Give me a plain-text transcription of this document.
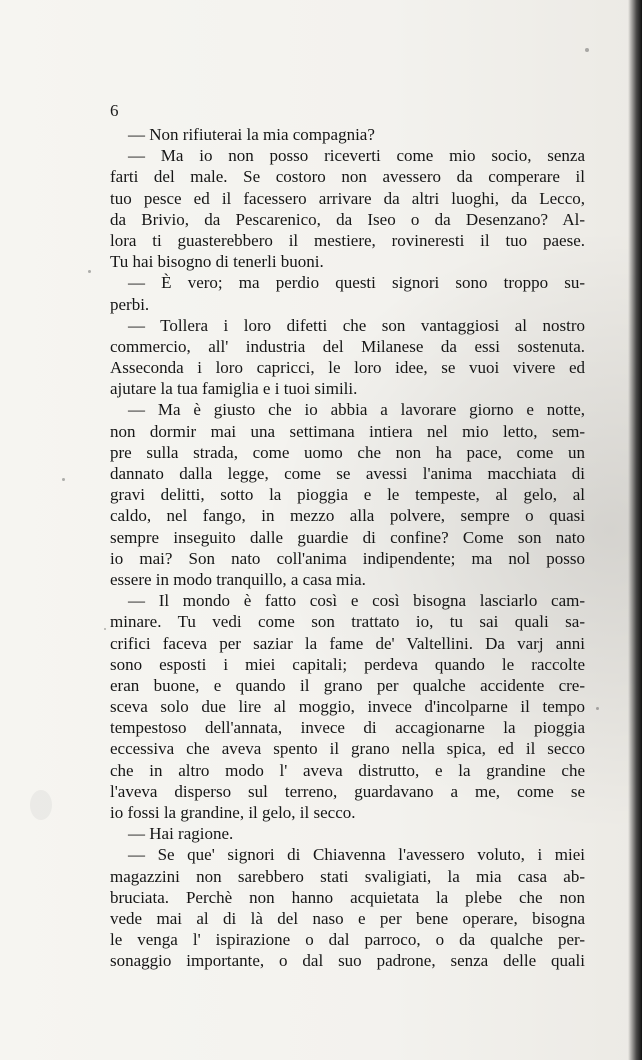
6
— Non rifiuterai la mia compagnia?
— Ma io non posso riceverti come mio socio, senza
farti del male. Se costoro non avessero da comperare il
tuo pesce ed il facessero arrivare da altri luoghi, da Lecco,
da Brivio, da Pescarenico, da Iseo o da Desenzano? Al-
lora ti guasterebbero il mestiere, rovineresti il tuo paese.
Tu hai bisogno di tenerli buoni.
— È vero; ma perdio questi signori sono troppo su-
perbi.
— Tollera i loro difetti che son vantaggiosi al nostro
commercio, all' industria del Milanese da essi sostenuta.
Asseconda i loro capricci, le loro idee, se vuoi vivere ed
ajutare la tua famiglia e i tuoi simili.
— Ma è giusto che io abbia a lavorare giorno e notte,
non dormir mai una settimana intiera nel mio letto, sem-
pre sulla strada, come uomo che non ha pace, come un
dannato dalla legge, come se avessi l'anima macchiata di
gravi delitti, sotto la pioggia e le tempeste, al gelo, al
caldo, nel fango, in mezzo alla polvere, sempre o quasi
sempre inseguito dalle guardie di confine? Come son nato
io mai? Son nato coll'anima indipendente; ma nol posso
essere in modo tranquillo, a casa mia.
— Il mondo è fatto così e così bisogna lasciarlo cam-
minare. Tu vedi come son trattato io, tu sai quali sa-
crifici faceva per saziar la fame de' Valtellini. Da varj anni
sono esposti i miei capitali; perdeva quando le raccolte
eran buone, e quando il grano per qualche accidente cre-
sceva solo due lire al moggio, invece d'incolparne il tempo
tempestoso dell'annata, invece di accagionarne la pioggia
eccessiva che aveva spento il grano nella spica, ed il secco
che in altro modo l' aveva distrutto, e la grandine che
l'aveva disperso sul terreno, guardavano a me, come se
io fossi la grandine, il gelo, il secco.
— Hai ragione.
— Se que' signori di Chiavenna l'avessero voluto, i miei
magazzini non sarebbero stati svaligiati, la mia casa ab-
bruciata. Perchè non hanno acquietata la plebe che non
vede mai al di là del naso e per bene operare, bisogna
le venga l' ispirazione o dal parroco, o da qualche per-
sonaggio importante, o dal suo padrone, senza delle quali
